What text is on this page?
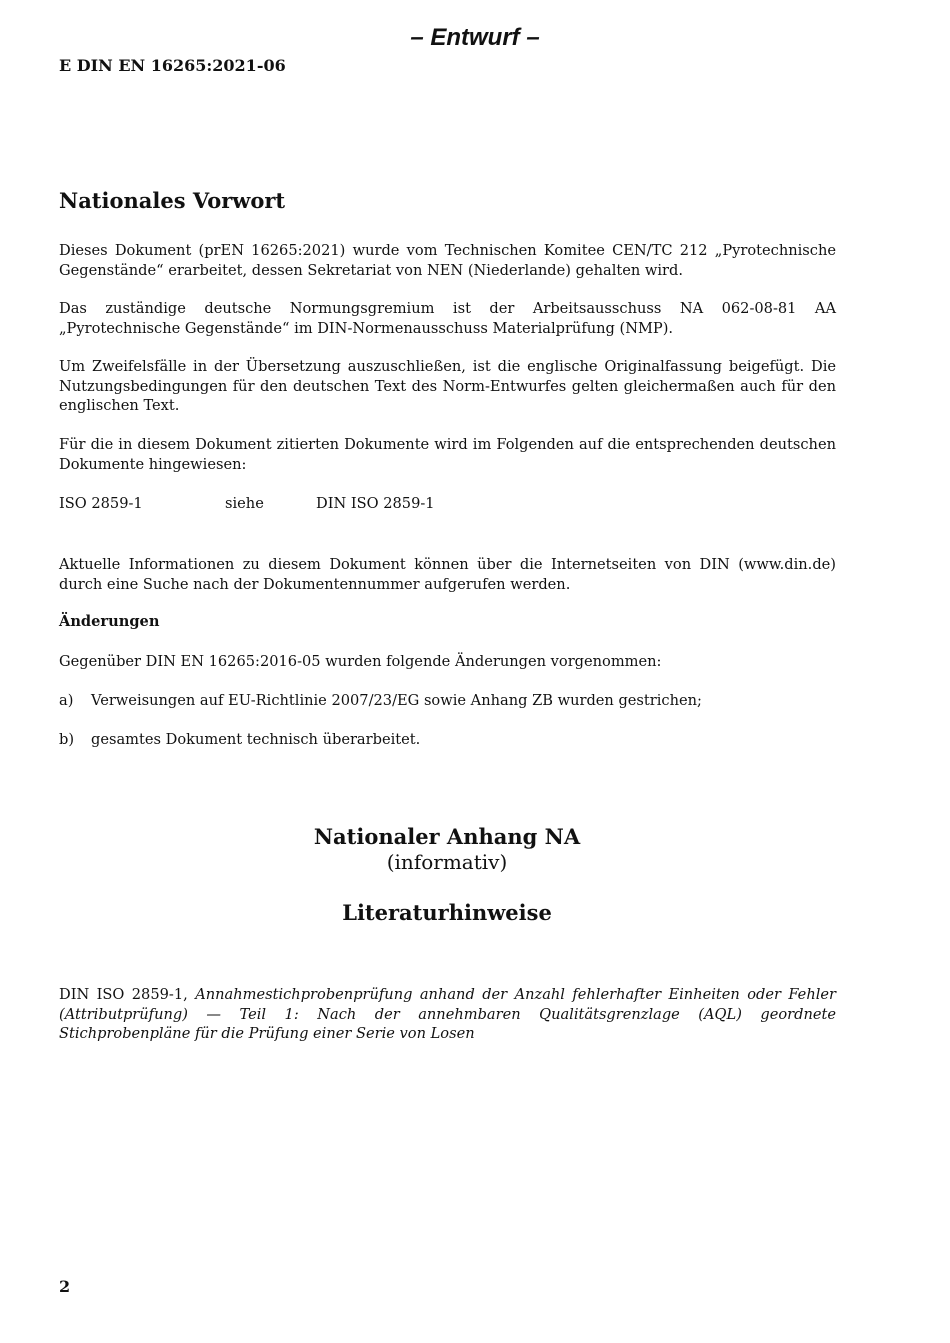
– Entwurf –
E DIN EN 16265:2021-06
Nationales Vorwort
Dieses Dokument (prEN 16265:2021) wurde vom Technischen Komitee CEN/TC 212 „Pyrotechnische Gegenstände“ erarbeitet, dessen Sekretariat von NEN (Niederlande) gehalten wird.
Das zuständige deutsche Normungsgremium ist der Arbeitsausschuss NA 062-08-81 AA „Pyrotechnische Gegenstände“ im DIN-Normenausschuss Materialprüfung (NMP).
Um Zweifelsfälle in der Übersetzung auszuschließen, ist die englische Originalfassung beigefügt. Die Nutzungsbedingungen für den deutschen Text des Norm-Entwurfes gelten gleichermaßen auch für den englischen Text.
Für die in diesem Dokument zitierten Dokumente wird im Folgenden auf die entsprechenden deutschen Dokumente hingewiesen:
ISO 2859-1	siehe	DIN ISO 2859-1
Aktuelle Informationen zu diesem Dokument können über die Internetseiten von DIN (www.din.de) durch eine Suche nach der Dokumentennummer aufgerufen werden.
Änderungen
Gegenüber DIN EN 16265:2016-05 wurden folgende Änderungen vorgenommen:
a) Verweisungen auf EU-Richtlinie 2007/23/EG sowie Anhang ZB wurden gestrichen;
b) gesamtes Dokument technisch überarbeitet.
Nationaler Anhang NA
(informativ)
Literaturhinweise
DIN ISO 2859-1, Annahmestichprobenprüfung anhand der Anzahl fehlerhafter Einheiten oder Fehler (Attributprüfung) — Teil 1: Nach der annehmbaren Qualitätsgrenzlage (AQL) geordnete Stichprobenpläne für die Prüfung einer Serie von Losen
2
